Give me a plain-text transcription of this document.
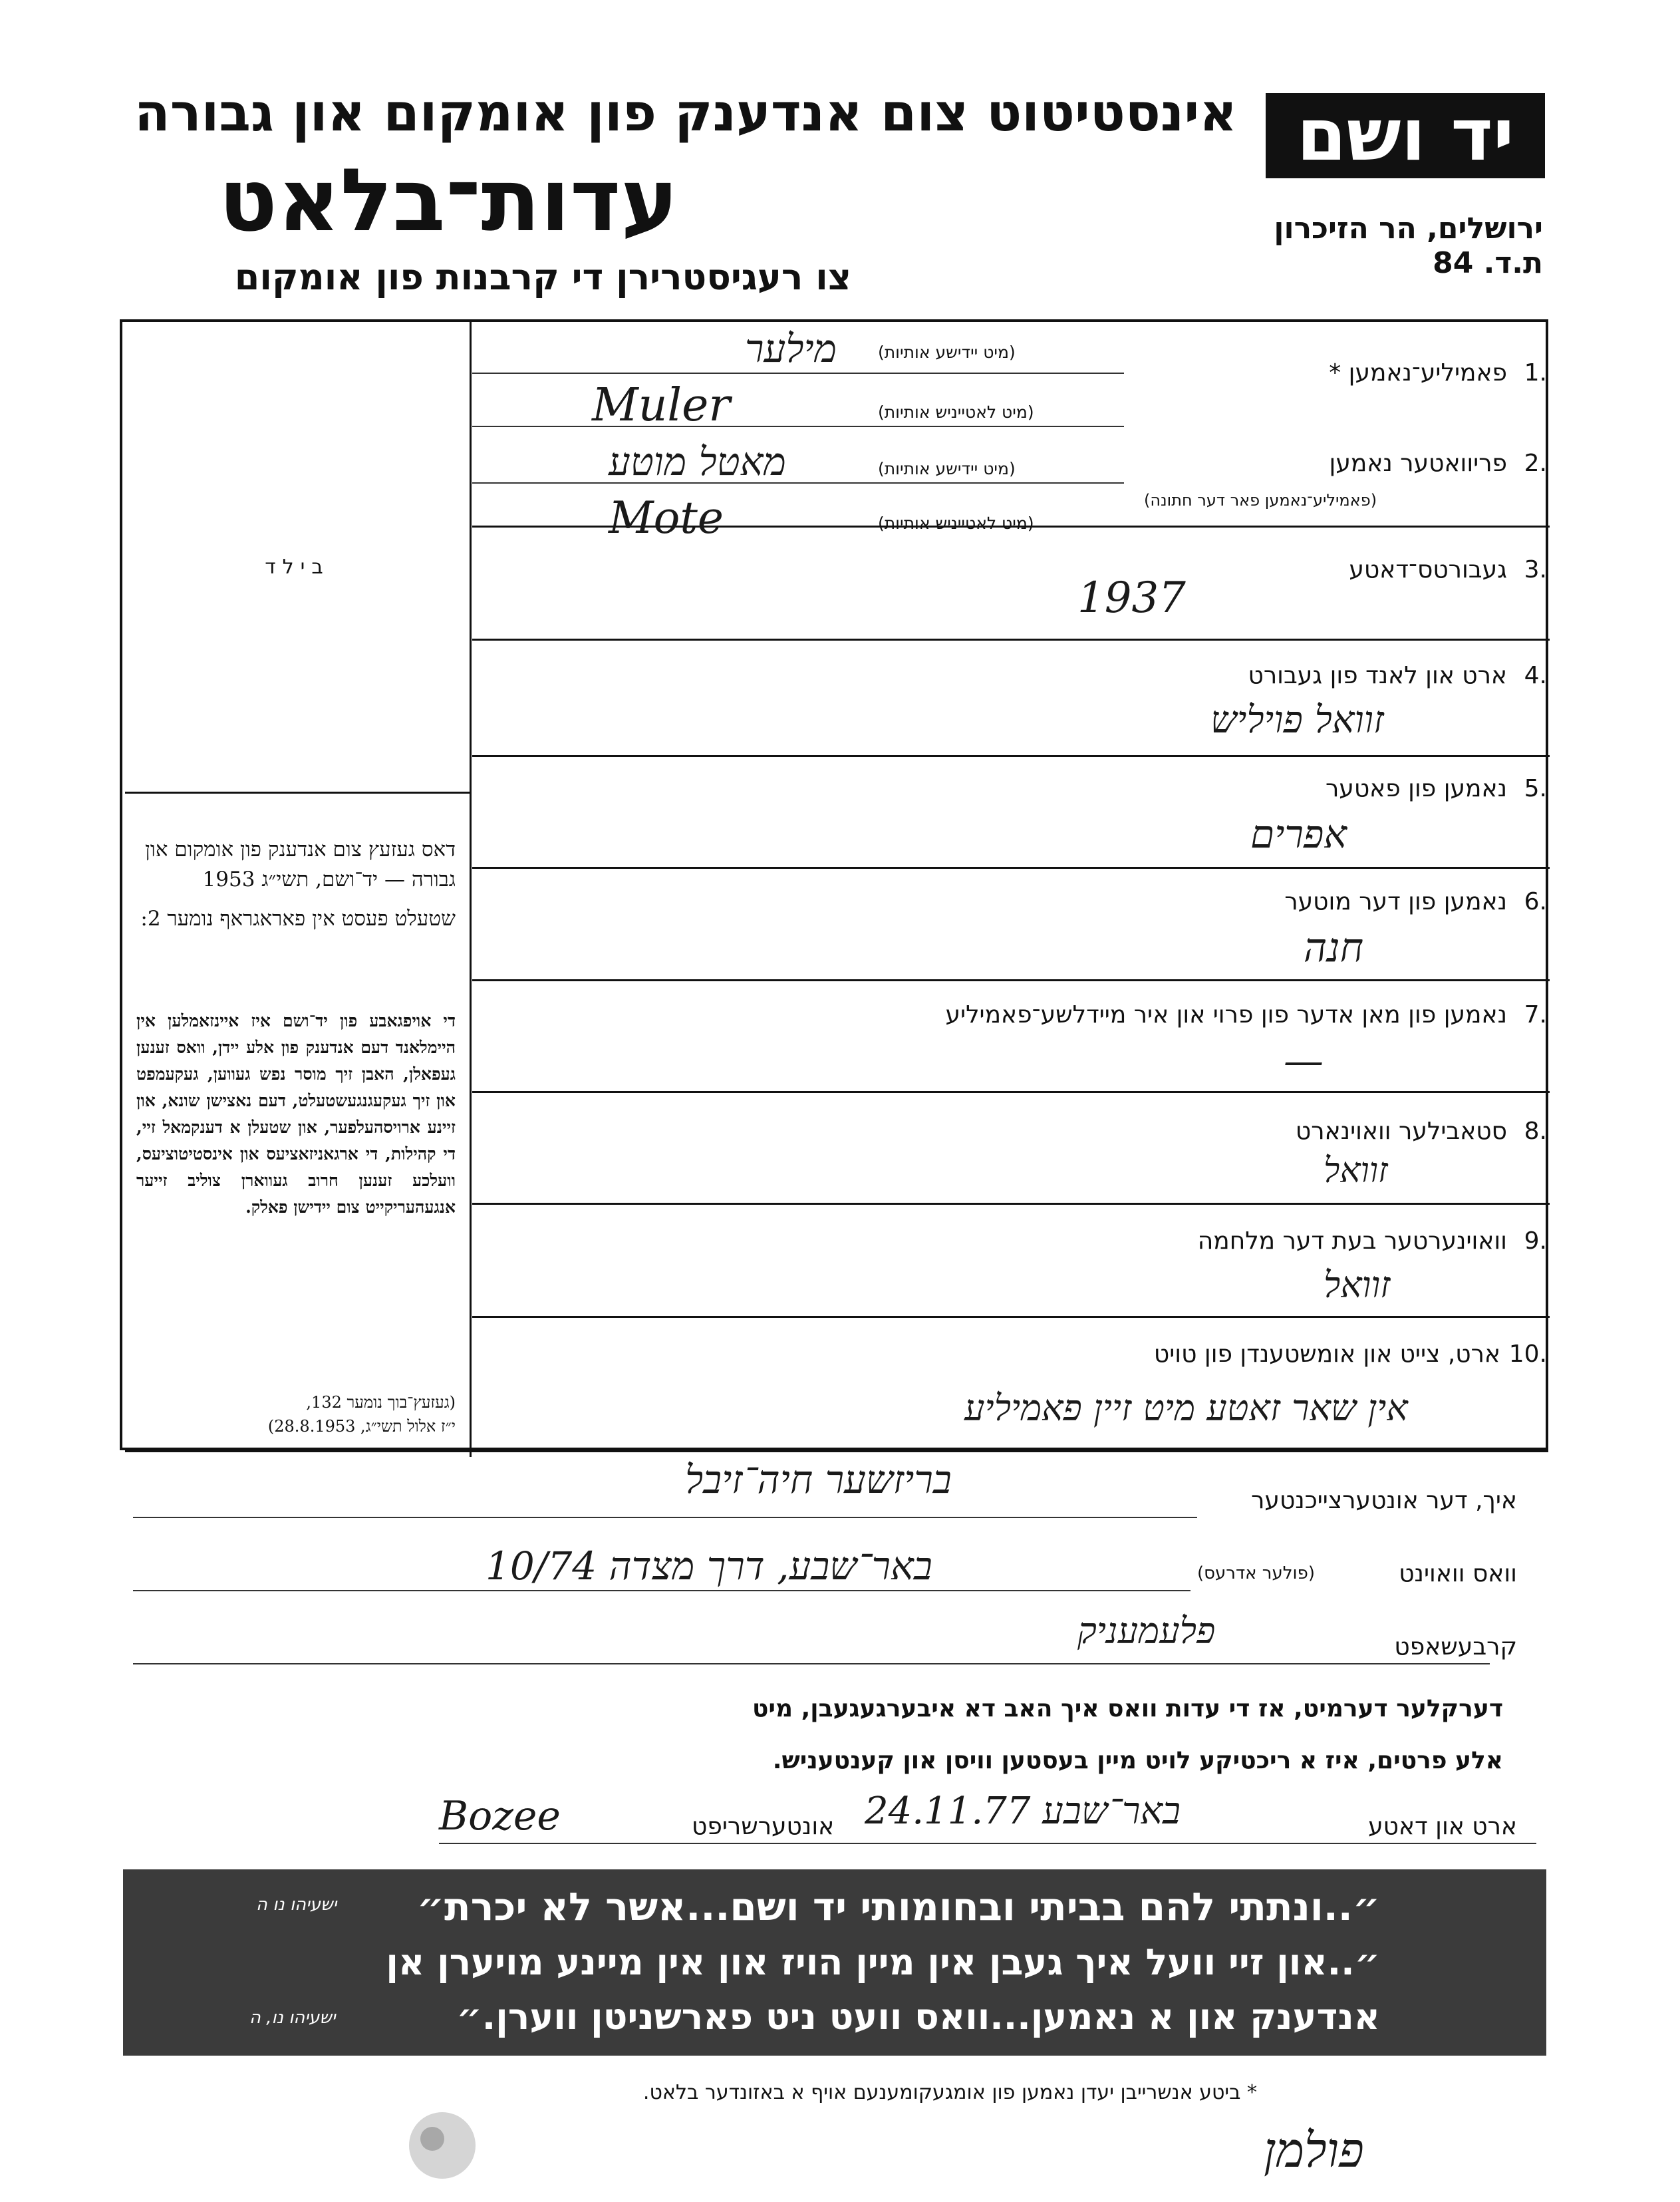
יד ושם
אינסטיטוט צום אנדענק פון אומקום און גבורה
עדות־בלאט	ירושלים, הר הזיכרון
ת.ד. 84
צו רעגיסטרירן די קרבנות פון אומקום
בילד
1.
פאמיליע־נאמען *
(מיט יידישע אותיות)
(מיט לאטייניש אותיות)
מילער
Muler
2.
פריוואטער נאמען
(פאמיליע־נאמען פאר דער חתונה)
(מיט יידישע אותיות)
(מיט לאטייניש אותיות)
מאטל מוטע
Mote
3.
געבורטס־דאטע
1937
4.
ארט און לאנד פון געבורט
זוואל פויליש
5.
נאמען פון פאטער
אפרים
6.
נאמען פון דער מוטער
חנה
7.
נאמען פון מאן אדער פון פרוי און איר מיידלשע־פאמיליע
—
8.
סטאבילער וואוינארט
זוואל
9.
וואוינערטער בעת דער מלחמה
זוואל
10.
ארט, צייט און אומשטענדן פון טויט
אין שאר זאטע מיט זיין פאמיליע
דאס געזעץ צום אנדענק פון אומקום און גבורה — יד־ושם, תשי״ג 1953
שטעלט פעסט אין פאראגראף נומער 2:
די אויפגאבע פון יד־ושם איז איינזאמלען אין היימלאנד דעם אנדענק פון אלע יידן, וואס זענען געפאלן, האבן זיך מוסר נפש געווען, געקעמפט און זיך געקעגנגעשטעלט, דעם נאצישן שונא, און זיינע ארויסהעלפער, און שטעלן א דענקמאל זיי, די קהילות, די ארגאניזאציעס און אינסטיטוציעס, וועלכע זענען חרוב געווארן צוליב זייער אנגעהעריקייט צום יידישן פאלק.
(געזעץ־בוך נומער 132,
י״ז אלול תשי״ג, 28.8.1953)
איך, דער אונטערצייכנטער
בריזשער חיה־זיבל
וואס וואוינט
(פולער אדרעס)
באר־שבע, דרך מצדה 10/74
קרבעשאפט
פלעמעניק
דערקלער דערמיט, אז די עדות וואס איך האב דא איבערגעגעבן, מיט
אלע פרטים, איז א ריכטיקע לויט מיין בעסטען וויסן און קענטעניש.
ארט און דאטע
באר־שבע 24.11.77
אונטערשריפט
Bozee
״..ונתתי להם בביתי ובחומותי יד ושם...אשר לא יכרת״
ישעיהו נו ה
״..און זיי וועל איך געבן אין מיין הויז און אין מיינע מויערן אן
אנדענק און א נאמען...וואס וועט ניט פארשניטן ווערן.״
ישעיהו נו, ה
* ביטע אנשרייבן יעדן נאמען פון אומגעקומענעם אויף א באזונדער בלאט.
פולמן
